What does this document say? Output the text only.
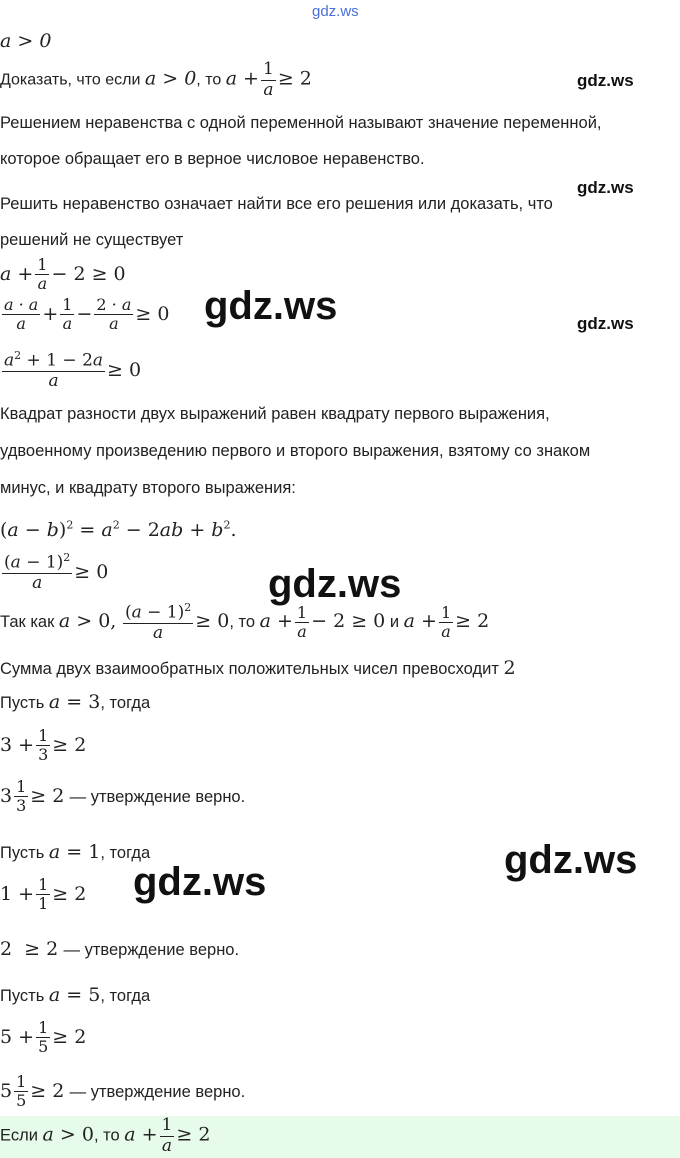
gdz.ws
gdz.ws
gdz.ws
gdz.ws
gdz.ws
gdz.ws
gdz.ws
gdz.ws
a > 0
Доказать, что если a > 0, то $a + \frac{1}{a} \ge 2$
Решением неравенства с одной переменной называют значение переменной,
которое обращает его в верное числовое неравенство.
Решить неравенство означает найти все его решения или доказать, что
решений не существует
$a + \frac{1}{a} - 2 \ge 0$
$\frac{a \cdot a}{a} + \frac{1}{a} - \frac{2 \cdot a}{a} \ge 0$
$\frac{a^2 + 1 - 2a}{a} \ge 0$
Квадрат разности двух выражений равен квадрату первого выражения,
удвоенному произведению первого и второго выражения, взятому со знаком
минус, и квадрату второго выражения:
$(a - b)^2 = a^2 - 2ab + b^2$.
$\frac{(a - 1)^2}{a} \ge 0$
Так как a > 0, $\frac{(a - 1)^2}{a} \ge 0$, то $a + \frac{1}{a} - 2 \ge 0$ и $a + \frac{1}{a} \ge 2$
Сумма двух взаимообратных положительных чисел превосходит 2
Пусть a = 3, тогда
$3 + \frac{1}{3} \ge 2$
$3 \frac{1}{3} \ge 2$ — утверждение верно.
Пусть a = 1, тогда
$1 + \frac{1}{1} \ge 2$
2  ≥ 2 — утверждение верно.
Пусть a = 5, тогда
$5 + \frac{1}{5} \ge 2$
$5 \frac{1}{5} \ge 2$ — утверждение верно.
Если a > 0, то $a + \frac{1}{a} \ge 2$
